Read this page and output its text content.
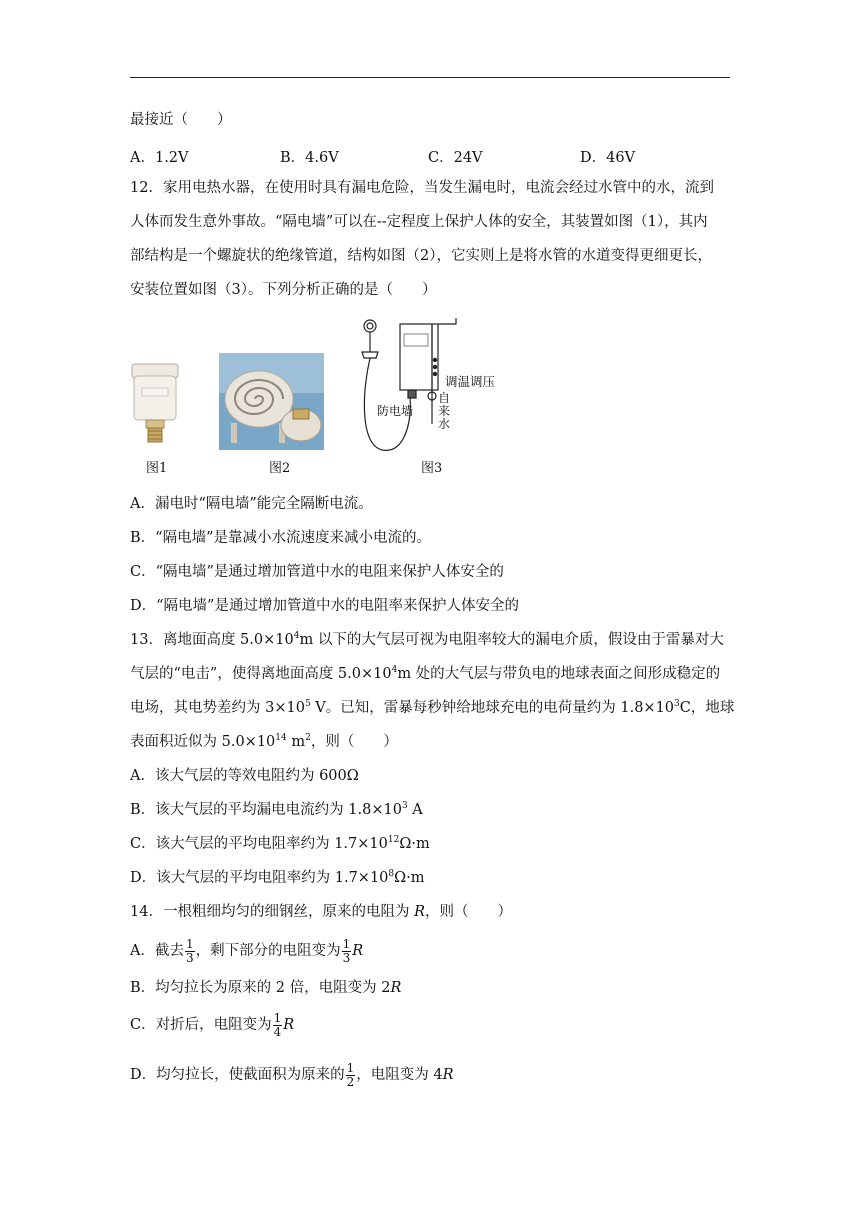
最接近（　　）
A．1.2V	B．4.6V	C．24V	D．46V
12．家用电热水器，在使用时具有漏电危险，当发生漏电时，电流会经过水管中的水，流到
人体而发生意外事故。“隔电墙”可以在--定程度上保护人体的安全，其装置如图（1），其内
部结构是一个螺旋状的绝缘管道，结构如图（2），它实则上是将水管的水道变得更细更长，
安装位置如图（3）。下列分析正确的是（　　）
图1	图2
调温调压
防电墙
自来水
图3
A．漏电时“隔电墙”能完全隔断电流。
B．“隔电墙”是靠减小水流速度来减小电流的。
C．“隔电墙”是通过增加管道中水的电阻来保护人体安全的
D．“隔电墙”是通过增加管道中水的电阻率来保护人体安全的
13．离地面高度 $5.0\times 10^4m$ 以下的大气层可视为电阻率较大的漏电介质，假设由于雷暴对大
气层的“电击”，使得离地面高度 $5.0\times 10^4m$ 处的大气层与带负电的地球表面之间形成稳定的
电场，其电势差约为 $3\times 10^5$ V。已知，雷暴每秒钟给地球充电的电荷量约为 $1.8\times 10^3C$，地球
表面积近似为 $5.0\times 10^{14}$ $m^2$，则（　　）
A．该大气层的等效电阻约为 600Ω
B．该大气层的平均漏电电流约为 $1.8\times 10^3$ A
C．该大气层的平均电阻率约为 $1.7\times 10^{12}\Omega\cdot m$
D．该大气层的平均电阻率约为 $1.7\times 10^8\Omega\cdot m$
14．一根粗细均匀的细钢丝，原来的电阻为 R，则（　　）
A．截去 $\frac{1}{3}$ ，剩下部分的电阻变为 $\frac{1}{3}$ R
B．均匀拉长为原来的 2 倍，电阻变为 2R
C．对折后，电阻变为 $\frac{1}{4}$ R
D．均匀拉长，使截面积为原来的 $\frac{1}{2}$ ，电阻变为 4R
